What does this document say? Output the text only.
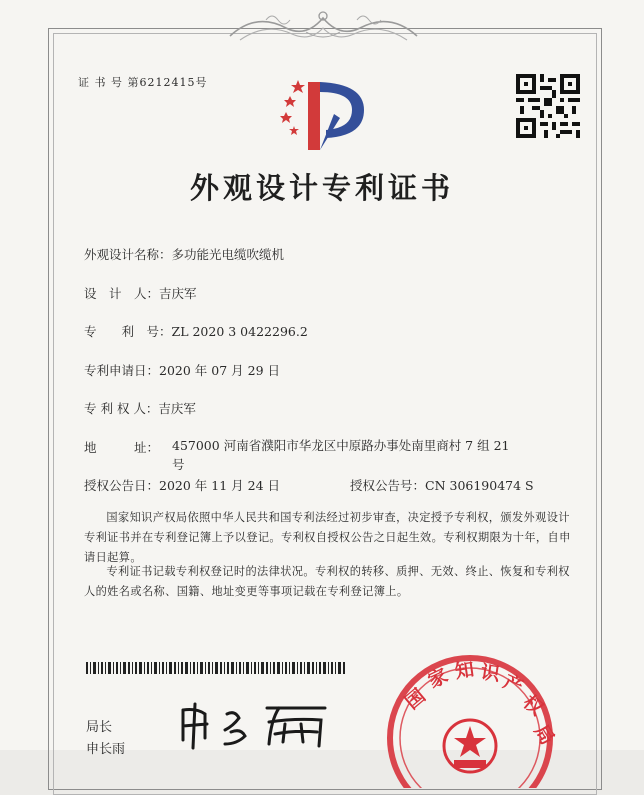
证 书 号 第6212415号
外观设计专利证书
外观设计名称：多功能光电缆吹缆机
设　计　人：吉庆军
专　　利　号：ZL 2020 3 0422296.2
专利申请日：2020 年 07 月 29 日
专 利 权 人：吉庆军
地　　　址： 457000 河南省濮阳市华龙区中原路办事处南里商村 7 组 21 号
授权公告日：2020 年 11 月 24 日	授权公告号：CN 306190474 S
国家知识产权局依照中华人民共和国专利法经过初步审查，决定授予专利权，颁发外观设计专利证书并在专利登记簿上予以登记。专利权自授权公告之日起生效。专利权期限为十年，自申请日起算。
专利证书记载专利权登记时的法律状况。专利权的转移、质押、无效、终止、恢复和专利权人的姓名或名称、国籍、地址变更等事项记载在专利登记簿上。
局长
申长雨
国
家 知 识
产
权
局
